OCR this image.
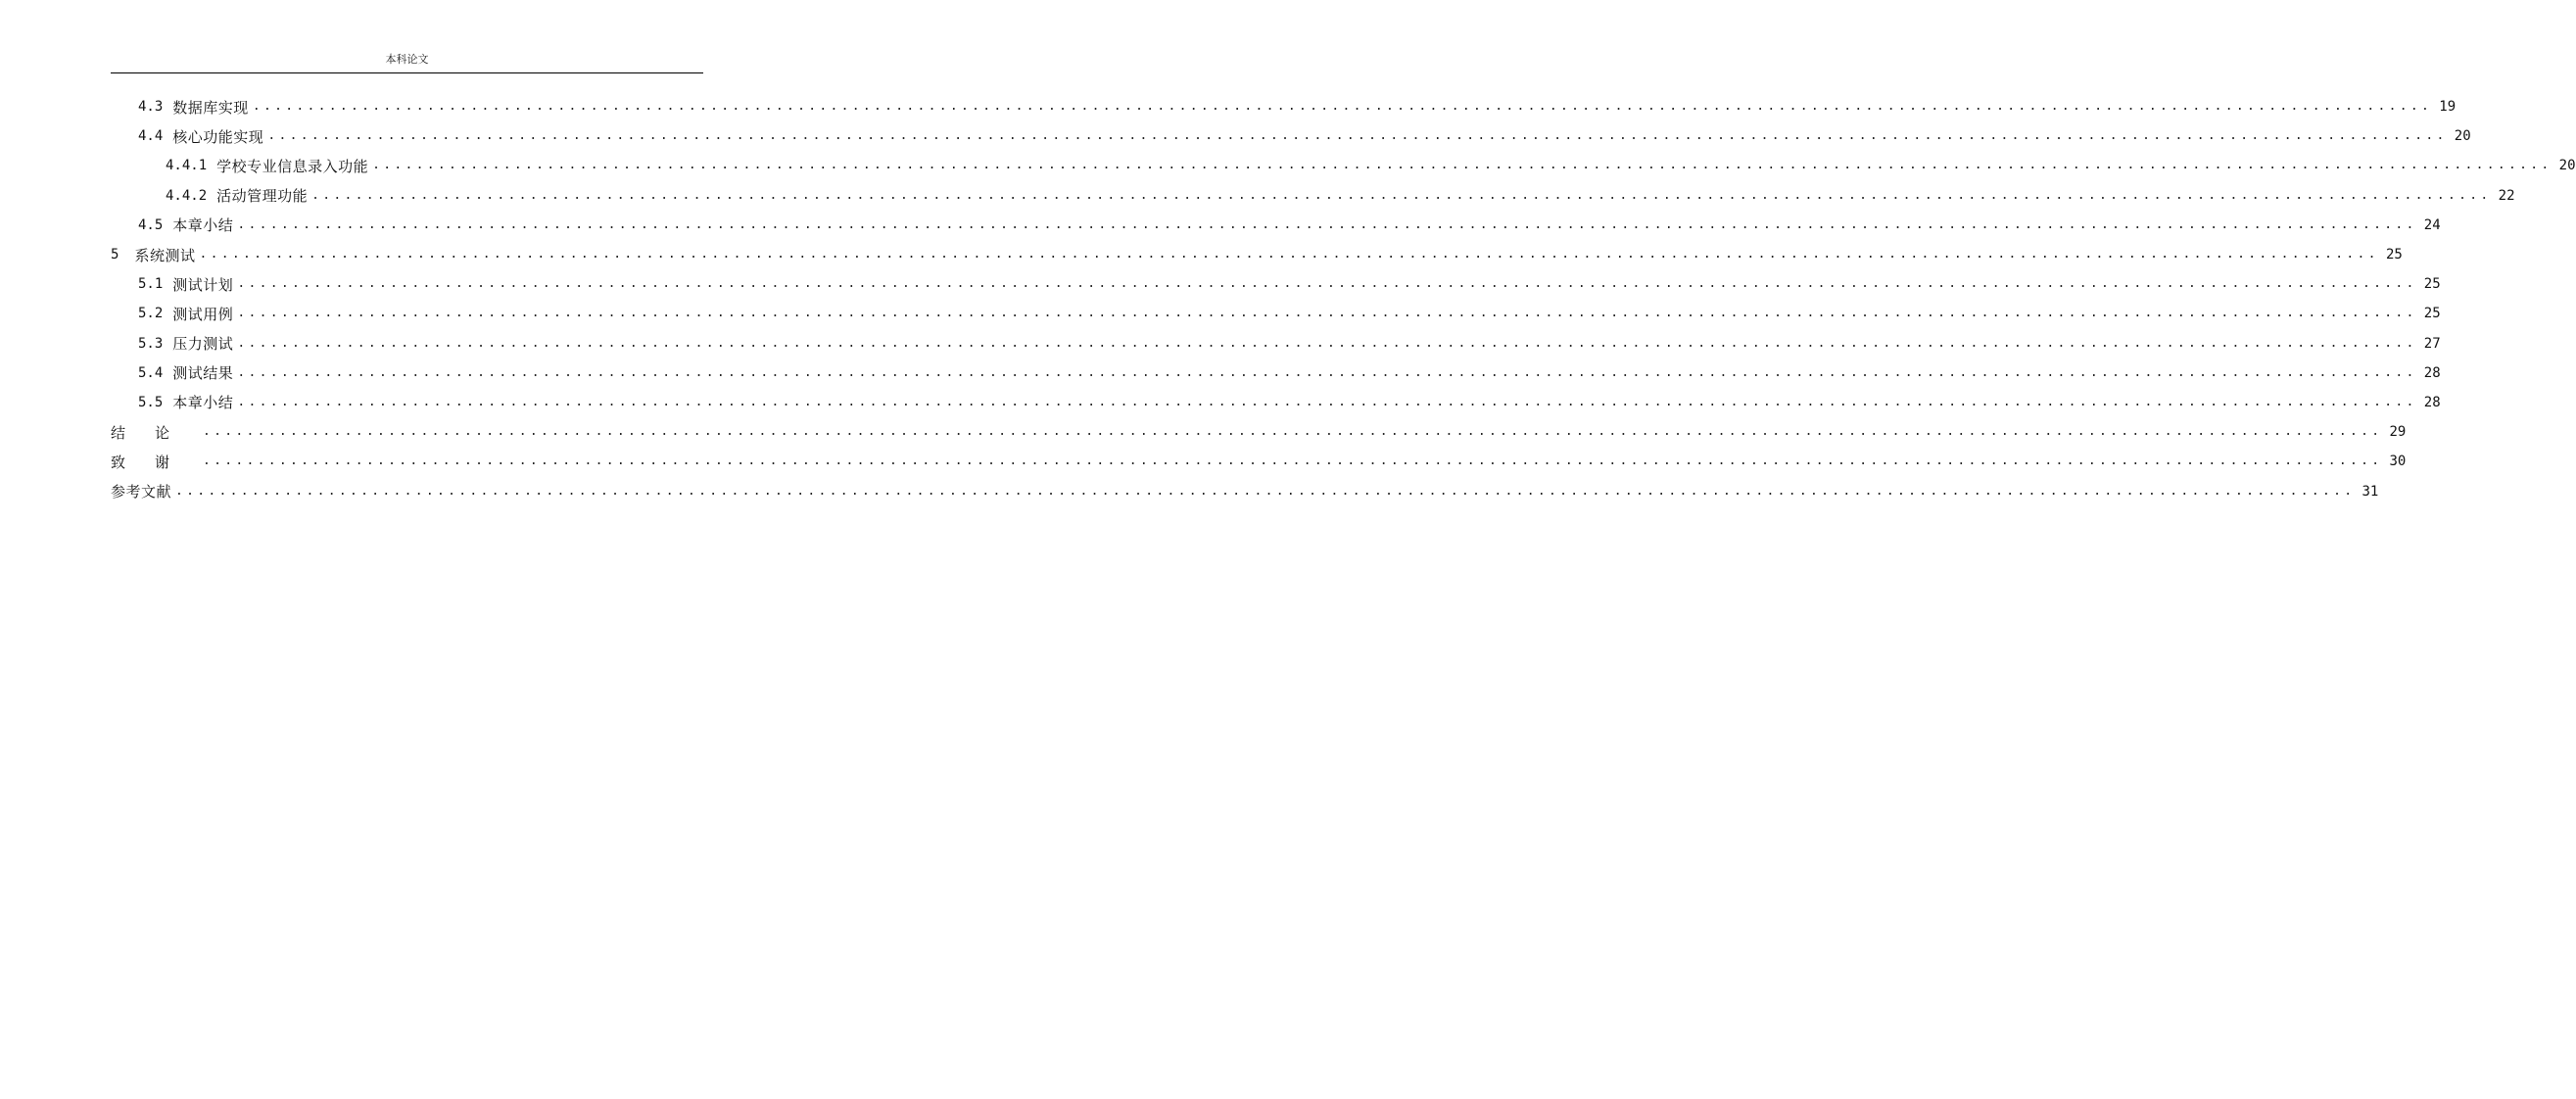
本科论文
4.3 数据库实现 ........................................................................................................................................................................................................ 19
4.4 核心功能实现 ........................................................................................................................................................................................................ 20
4.4.1 学校专业信息录入功能 ........................................................................................................................................................................................................ 20
4.4.2 活动管理功能 ........................................................................................................................................................................................................ 22
4.5 本章小结 ........................................................................................................................................................................................................ 24
5 系统测试 ........................................................................................................................................................................................................ 25
5.1 测试计划 ........................................................................................................................................................................................................ 25
5.2 测试用例 ........................................................................................................................................................................................................ 25
5.3 压力测试 ........................................................................................................................................................................................................ 27
5.4 测试结果 ........................................................................................................................................................................................................ 28
5.5 本章小结 ........................................................................................................................................................................................................ 28
结论 ........................................................................................................................................................................................................ 29
致谢 ........................................................................................................................................................................................................ 30
参考文献 ........................................................................................................................................................................................................ 31
